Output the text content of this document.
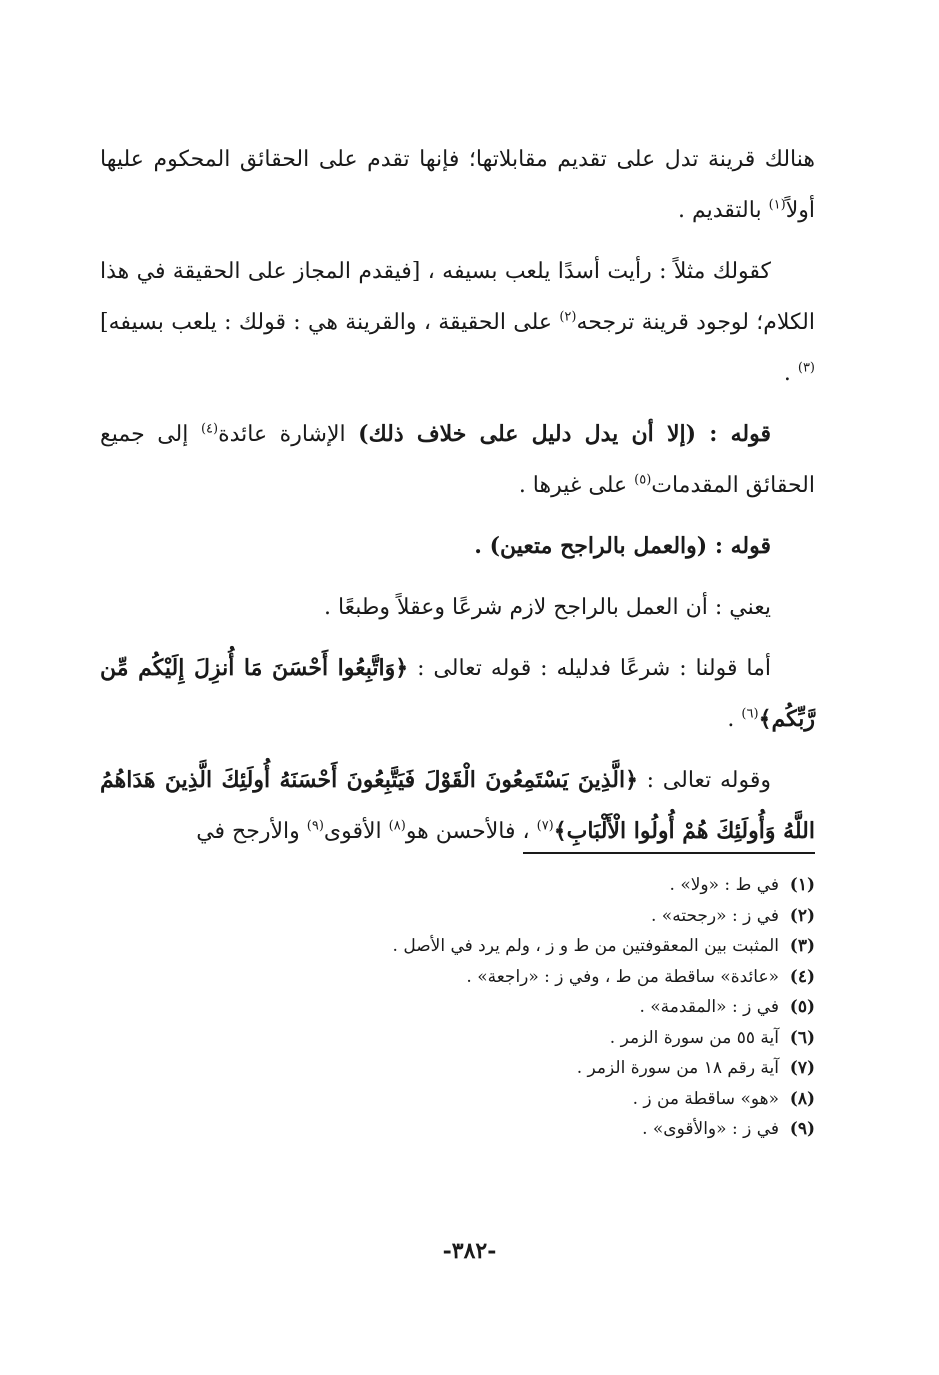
هنالك قرينة تدل على تقديم مقابلاتها؛ فإنها تقدم على الحقائق المحكوم عليها أولاً$^{(١)}$ بالتقديم .

كقولك مثلاً : رأيت أسدًا يلعب بسيفه ، [فيقدم المجاز على الحقيقة في هذا الكلام؛ لوجود قرينة ترجحه$^{(٢)}$ على الحقيقة ، والقرينة هي : قولك : يلعب بسيفه]$^{(٣)}$ .

قوله : (إلا أن يدل دليل على خلاف ذلك) الإشارة عائدة$^{(٤)}$ إلى جميع الحقائق المقدمات$^{(٥)}$ على غيرها .

قوله : (والعمل بالراجح متعين) .

يعني : أن العمل بالراجح لازم شرعًا وعقلاً وطبعًا .

أما قولنا : شرعًا فدليله : قوله تعالى : ﴿وَاتَّبِعُوا أَحْسَنَ مَا أُنزِلَ إِلَيْكُم مِّن رَّبِّكُم﴾$^{(٦)}$ .

وقوله تعالى : ﴿الَّذِينَ يَسْتَمِعُونَ الْقَوْلَ فَيَتَّبِعُونَ أَحْسَنَهُ أُولَئِكَ الَّذِينَ هَدَاهُمُ اللَّهُ وَأُولَئِكَ هُمْ أُولُوا الْأَلْبَابِ﴾$^{(٧)}$ ، فالأحسن هو$^{(٨)}$ الأقوى$^{(٩)}$ والأرجح في

(١)في ط : «ولا» .
(٢)في ز : «رجحته» .
(٣)المثبت بين المعقوفتين من ط و ز ، ولم يرد في الأصل .
(٤)«عائدة» ساقطة من ط ، وفي ز : «راجعة» .
(٥)في ز : «المقدمة» .
(٦)آية ٥٥ من سورة الزمر .
(٧)آية رقم ١٨ من سورة الزمر .
(٨)«هو» ساقطة من ز .
(٩)في ز : «والأقوى» .
-٣٨٢-
